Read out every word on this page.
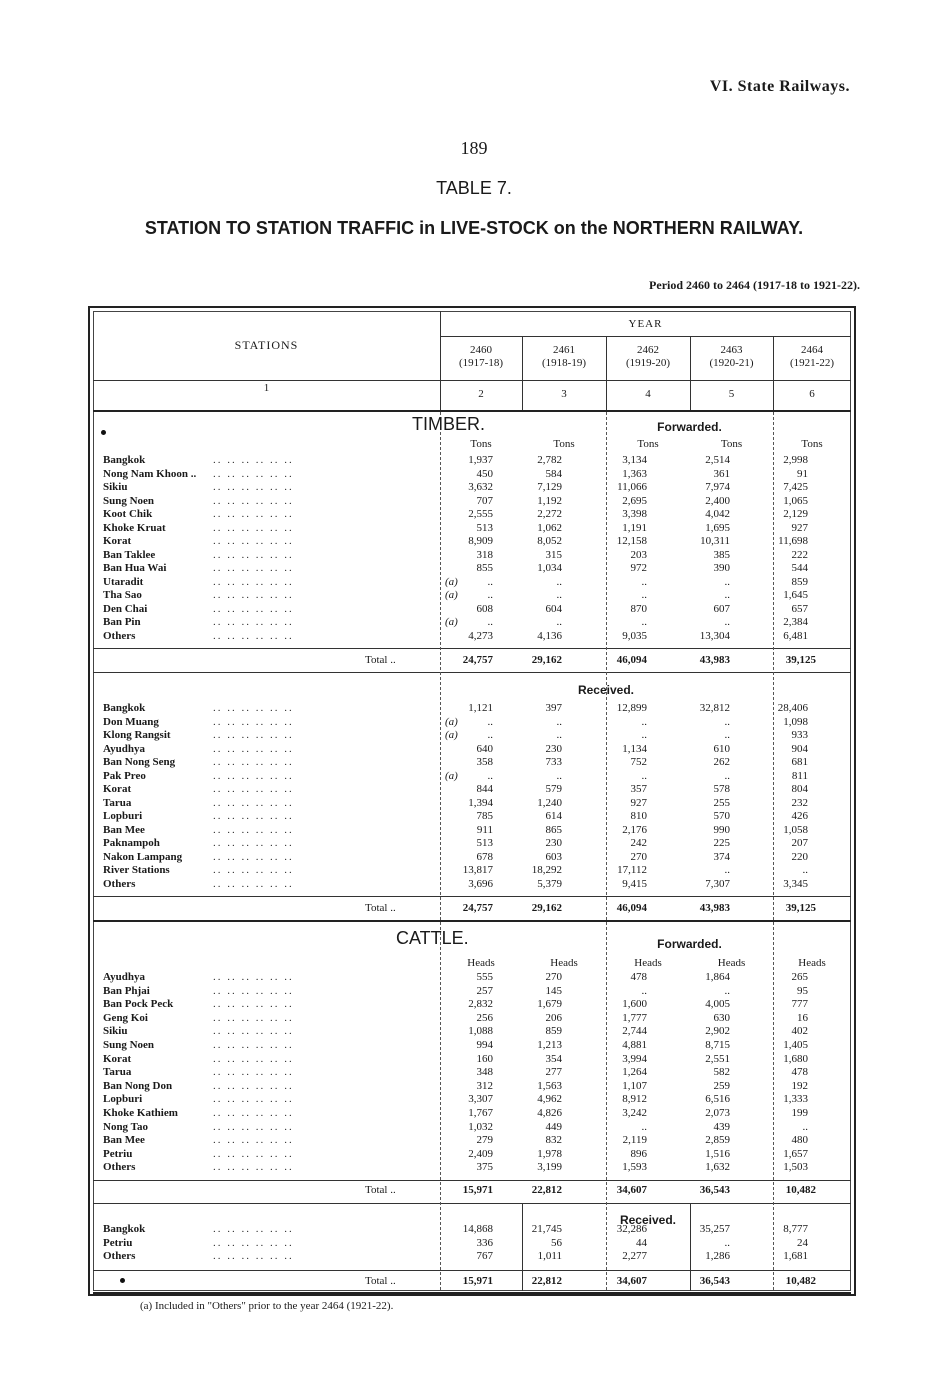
VI. State Railways.
189
TABLE 7.
STATION TO STATION TRAFFIC in LIVE-STOCK on the NORTHERN RAILWAY.
Period 2460 to 2464 (1917-18 to 1921-22).
STATIONS
YEAR
2460
(1917-18)
2461
(1918-19)
2462
(1919-20)
2463
(1920-21)
2464
(1921-22)
1	2	3	4	5	6
TIMBER.	Forwarded.
Received.
CATTLE.	Forwarded.
Received.
Tons	Tons	Tons	Tons	Tons
Heads	Heads	Heads	Heads	Heads
Bangkok	.. .. .. .. .. ..	1,937	2,782	3,134	2,514	2,998
Nong Nam Khoon .. .. .. .. .. .. ..	450	584	1,363	361	91
Sikiu	.. .. .. .. .. ..	3,632	7,129	11,066	7,974	7,425
Sung Noen	.. .. .. .. .. ..	707	1,192	2,695	2,400	1,065
Koot Chik	.. .. .. .. .. ..	2,555	2,272	3,398	4,042	2,129
Khoke Kruat	.. .. .. .. .. ..	513	1,062	1,191	1,695	927
Korat	.. .. .. .. .. ..	8,909	8,052	12,158	10,311	11,698
Ban Taklee	.. .. .. .. .. ..	318	315	203	385	222
Ban Hua Wai	.. .. .. .. .. ..	855	1,034	972	390	544
Utaradit	.. .. .. .. .. ..	(a)	..	..	..	..	859
Tha Sao	.. .. .. .. .. ..	(a)	..	..	..	..	1,645
Den Chai	.. .. .. .. .. ..	608	604	870	607	657
Ban Pin	.. .. .. .. .. ..	(a)	..	..	..	..	2,384
Others	.. .. .. .. .. ..	4,273	4,136	9,035	13,304	6,481
Total ..	24,757	29,162	46,094	43,983	39,125
Bangkok	.. .. .. .. .. ..	1,121	397	12,899	32,812	28,406
Don Muang	.. .. .. .. .. ..	(a)	..	..	..	..	1,098
Klong Rangsit	.. .. .. .. .. ..	(a)	..	..	..	..	933
Ayudhya	.. .. .. .. .. ..	640	230	1,134	610	904
Ban Nong Seng	.. .. .. .. .. ..	358	733	752	262	681
Pak Preo	.. .. .. .. .. ..	(a)	..	..	..	..	811
Korat	.. .. .. .. .. ..	844	579	357	578	804
Tarua	.. .. .. .. .. ..	1,394	1,240	927	255	232
Lopburi	.. .. .. .. .. ..	785	614	810	570	426
Ban Mee	.. .. .. .. .. ..	911	865	2,176	990	1,058
Paknampoh	.. .. .. .. .. ..	513	230	242	225	207
Nakon Lampang	.. .. .. .. .. ..	678	603	270	374	220
River Stations	.. .. .. .. .. ..	13,817	18,292	17,112	..	..
Others	.. .. .. .. .. ..	3,696	5,379	9,415	7,307	3,345
Total ..	24,757	29,162	46,094	43,983	39,125
Ayudhya	.. .. .. .. .. ..	555	270	478	1,864	265
Ban Phjai	.. .. .. .. .. ..	257	145	..	..	95
Ban Pock Peck	.. .. .. .. .. ..	2,832	1,679	1,600	4,005	777
Geng Koi	.. .. .. .. .. ..	256	206	1,777	630	16
Sikiu	.. .. .. .. .. ..	1,088	859	2,744	2,902	402
Sung Noen	.. .. .. .. .. ..	994	1,213	4,881	8,715	1,405
Korat	.. .. .. .. .. ..	160	354	3,994	2,551	1,680
Tarua	.. .. .. .. .. ..	348	277	1,264	582	478
Ban Nong Don	.. .. .. .. .. ..	312	1,563	1,107	259	192
Lopburi	.. .. .. .. .. ..	3,307	4,962	8,912	6,516	1,333
Khoke Kathiem	.. .. .. .. .. ..	1,767	4,826	3,242	2,073	199
Nong Tao	.. .. .. .. .. ..	1,032	449	..	439	..
Ban Mee	.. .. .. .. .. ..	279	832	2,119	2,859	480
Petriu	.. .. .. .. .. ..	2,409	1,978	896	1,516	1,657
Others	.. .. .. .. .. ..	375	3,199	1,593	1,632	1,503
Total ..	15,971	22,812	34,607	36,543	10,482
Bangkok	.. .. .. .. .. ..	14,868	21,745	32,286	35,257	8,777
Petriu	.. .. .. .. .. ..	336	56	44	..	24
Others	.. .. .. .. .. ..	767	1,011	2,277	1,286	1,681
Total ..	15,971	22,812	34,607	36,543	10,482
(a) Included in "Others" prior to the year 2464 (1921-22).
